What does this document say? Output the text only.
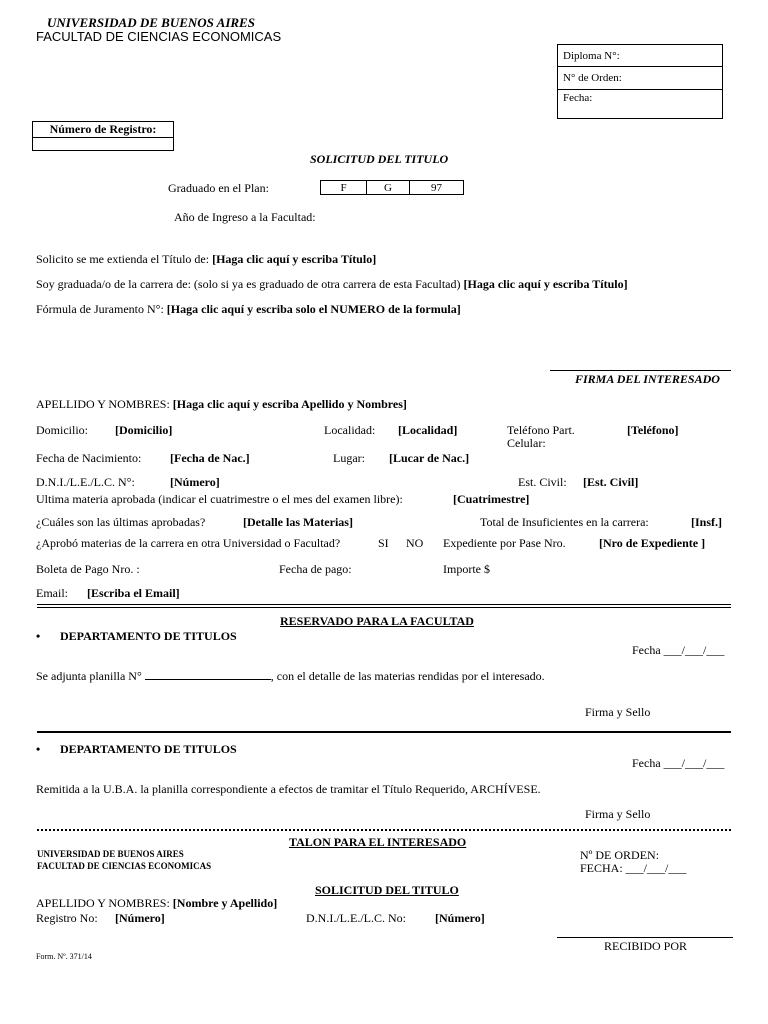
UNIVERSIDAD DE BUENOS AIRES
FACULTAD DE CIENCIAS ECONOMICAS
Diploma N°:
N° de Orden:
Fecha:
Número de Registro:

SOLICITUD DEL TITULO
Graduado en el Plan:	F	G	97
Año de Ingreso a la Facultad:
Solicito se me extienda el Título de: [Haga clic aquí y escriba Título]
Soy graduada/o de la carrera de: (solo si ya es graduado de otra carrera de esta Facultad) [Haga clic aquí y escriba Título]
Fórmula de Juramento N°: [Haga clic aquí y escriba solo el NUMERO de la formula]
FIRMA DEL INTERESADO
APELLIDO Y NOMBRES: [Haga clic aquí y escriba Apellido y Nombres]
Domicilio: [Domicilio]	Localidad: [Localidad]	Teléfono Part.	[Teléfono]
Celular:
Fecha de Nacimiento: [Fecha de Nac.]	Lugar: [Lucar de Nac.]
D.N.I./L.E./L.C. N°:	[Número]	Est. Civil: [Est. Civil]
Ultima materia aprobada (indicar el cuatrimestre o el mes del examen libre):	[Cuatrimestre]
¿Cuáles son las últimas aprobadas?	[Detalle las Materias]	Total de Insuficientes en la carrera:	[Insf.]
¿Aprobó materias de la carrera en otra Universidad o Facultad?	SI NO Expediente por Pase Nro.	[Nro de Expediente ]
Boleta de Pago Nro. :	Fecha de pago:	Importe $
Email: [Escriba el Email]
RESERVADO PARA LA FACULTAD
• DEPARTAMENTO DE TITULOS
Fecha ___/___/___
Se adjunta planilla N°	, con el detalle de las materias rendidas por el interesado.
Firma y Sello
• DEPARTAMENTO DE TITULOS
Fecha ___/___/___
Remitida a la U.B.A. la planilla correspondiente a efectos de tramitar el Título Requerido, ARCHÍVESE.
Firma y Sello
TALON PARA EL INTERESADO
UNIVERSIDAD DE BUENOS AIRES
FACULTAD DE CIENCIAS ECONOMICAS
Nº DE ORDEN:
FECHA: ___/___/___
SOLICITUD DEL TITULO
APELLIDO Y NOMBRES: [Nombre y Apellido]
Registro No: [Número]	D.N.I./L.E./L.C. No: [Número]
RECIBIDO POR
Form. Nº. 371/14
